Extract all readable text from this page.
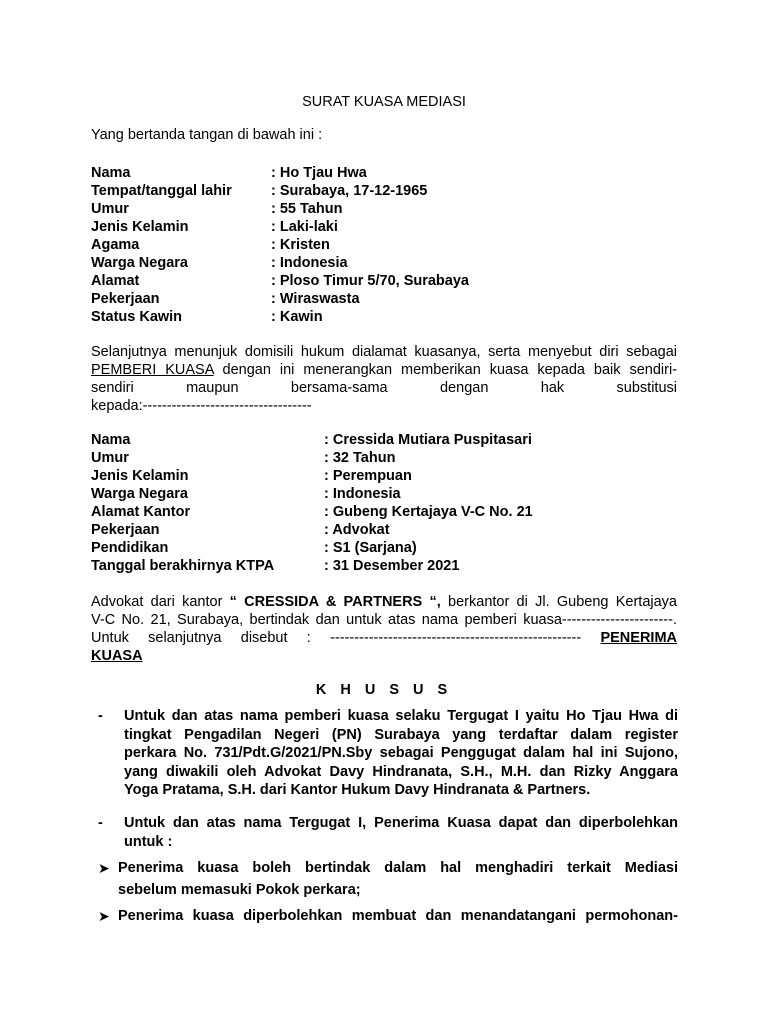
SURAT KUASA MEDIASI
Yang bertanda tangan di bawah ini :
Nama	: Ho Tjau Hwa
Tempat/tanggal lahir	: Surabaya, 17-12-1965
Umur	: 55 Tahun
Jenis Kelamin	: Laki-laki
Agama	: Kristen
Warga Negara	: Indonesia
Alamat	: Ploso Timur 5/70, Surabaya
Pekerjaan	: Wiraswasta
Status Kawin	: Kawin
Selanjutnya menunjuk domisili hukum dialamat kuasanya, serta menyebut diri sebagai
PEMBERI KUASA dengan ini menerangkan memberikan kuasa kepada baik sendiri-
sendiri maupun bersama-sama dengan hak substitusi
kepada:-----------------------------------
Nama	: Cressida Mutiara Puspitasari
Umur	: 32 Tahun
Jenis Kelamin	: Perempuan
Warga Negara	: Indonesia
Alamat Kantor	: Gubeng Kertajaya V-C No. 21
Pekerjaan	: Advokat
Pendidikan	: S1 (Sarjana)
Tanggal berakhirnya KTPA	: 31 Desember 2021
Advokat dari kantor “ CRESSIDA & PARTNERS “, berkantor di Jl. Gubeng Kertajaya
V-C No. 21, Surabaya, bertindak dan untuk atas nama pemberi kuasa-----------------------.
Untuk selanjutnya disebut : ---------------------------------------------------- PENERIMA
KUASA
K H U S U S
- Untuk dan atas nama pemberi kuasa selaku Tergugat I yaitu Ho Tjau Hwa di
tingkat Pengadilan Negeri (PN) Surabaya yang terdaftar dalam register
perkara No. 731/Pdt.G/2021/PN.Sby sebagai Penggugat dalam hal ini Sujono,
yang diwakili oleh Advokat Davy Hindranata, S.H., M.H. dan Rizky Anggara
Yoga Pratama, S.H. dari Kantor Hukum Davy Hindranata & Partners.
- Untuk dan atas nama Tergugat I, Penerima Kuasa dapat dan diperbolehkan
untuk :
➤ Penerima kuasa boleh bertindak dalam hal menghadiri terkait Mediasi
sebelum memasuki Pokok perkara;
➤ Penerima kuasa diperbolehkan membuat dan menandatangani permohonan-
